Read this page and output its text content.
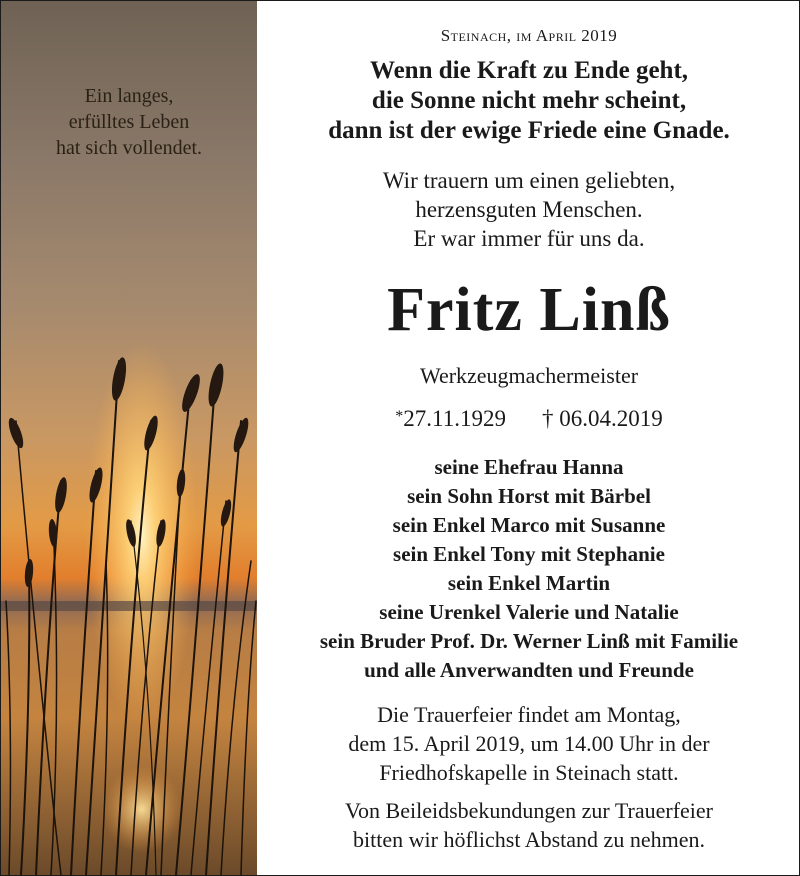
Ein langes,
erfülltes Leben
hat sich vollendet.
Steinach, im April 2019
Wenn die Kraft zu Ende geht,
die Sonne nicht mehr scheint,
dann ist der ewige Friede eine Gnade.
Wir trauern um einen geliebten,
herzensguten Menschen.
Er war immer für uns da.
Fritz Linß
Werkzeugmachermeister
*27.11.1929 † 06.04.2019
seine Ehefrau Hanna
sein Sohn Horst mit Bärbel
sein Enkel Marco mit Susanne
sein Enkel Tony mit Stephanie
sein Enkel Martin
seine Urenkel Valerie und Natalie
sein Bruder Prof. Dr. Werner Linß mit Familie
und alle Anverwandten und Freunde
Die Trauerfeier findet am Montag,
dem 15. April 2019, um 14.00 Uhr in der
Friedhofskapelle in Steinach statt.
Von Beileidsbekundungen zur Trauerfeier
bitten wir höflichst Abstand zu nehmen.
